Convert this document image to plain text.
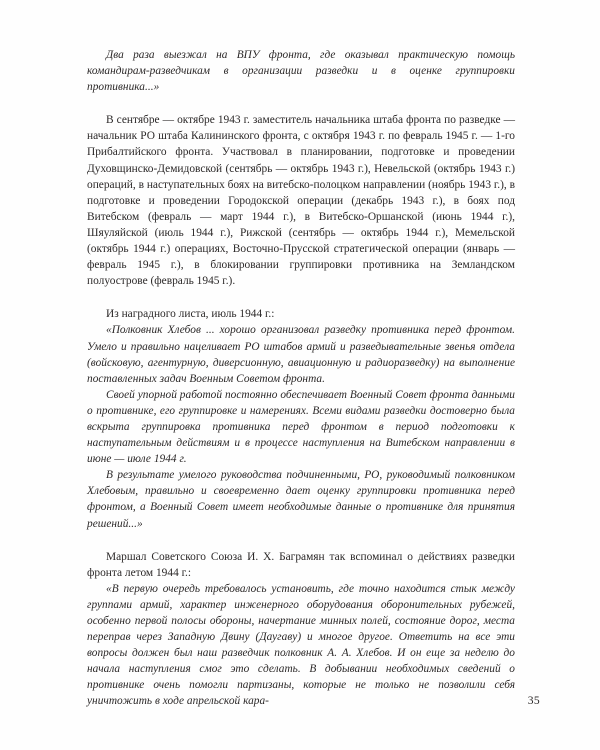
Два раза выезжал на ВПУ фронта, где оказывал практическую помощь командирам-разведчикам в организации разведки и в оценке группировки противника...»

В сентябре — октябре 1943 г. заместитель начальника штаба фронта по разведке — начальник РО штаба Калининского фронта, с октября 1943 г. по февраль 1945 г. — 1-го Прибалтийского фронта. Участвовал в планировании, подготовке и проведении Духовщинско-Демидовской (сентябрь — октябрь 1943 г.), Невельской (октябрь 1943 г.) операций, в наступательных боях на витебско-полоцком направлении (ноябрь 1943 г.), в подготовке и проведении Городокской операции (декабрь 1943 г.), в боях под Витебском (февраль — март 1944 г.), в Витебско-Оршанской (июнь 1944 г.), Шяуляйской (июль 1944 г.), Рижской (сентябрь — октябрь 1944 г.), Мемельской (октябрь 1944 г.) операциях, Восточно-Прусской стратегической операции (январь — февраль 1945 г.), в блокировании группировки противника на Земландском полуострове (февраль 1945 г.).

Из наградного листа, июль 1944 г.:

«Полковник Хлебов ... хорошо организовал разведку противника перед фронтом. Умело и правильно нацеливает РО штабов армий и разведывательные звенья отдела (войсковую, агентурную, диверсионную, авиационную и радиоразведку) на выполнение поставленных задач Военным Советом фронта.

Своей упорной работой постоянно обеспечивает Военный Совет фронта данными о противнике, его группировке и намерениях. Всеми видами разведки достоверно была вскрыта группировка противника перед фронтом в период подготовки к наступательным действиям и в процессе наступления на Витебском направлении в июне — июле 1944 г.

В результате умелого руководства подчиненными, РО, руководимый полковником Хлебовым, правильно и своевременно дает оценку группировки противника перед фронтом, а Военный Совет имеет необходимые данные о противнике для принятия решений...»

Маршал Советского Союза И. Х. Баграмян так вспоминал о действиях разведки фронта летом 1944 г.:

«В первую очередь требовалось установить, где точно находится стык между группами армий, характер инженерного оборудования оборонительных рубежей, особенно первой полосы обороны, начертание минных полей, состояние дорог, места переправ через Западную Двину (Даугаву) и многое другое. Ответить на все эти вопросы должен был наш разведчик полковник А. А. Хлебов. И он еще за неделю до начала наступления смог это сделать. В добывании необходимых сведений о противнике очень помогли партизаны, которые не только не позволили себя уничтожить в ходе апрельской кара-	35
